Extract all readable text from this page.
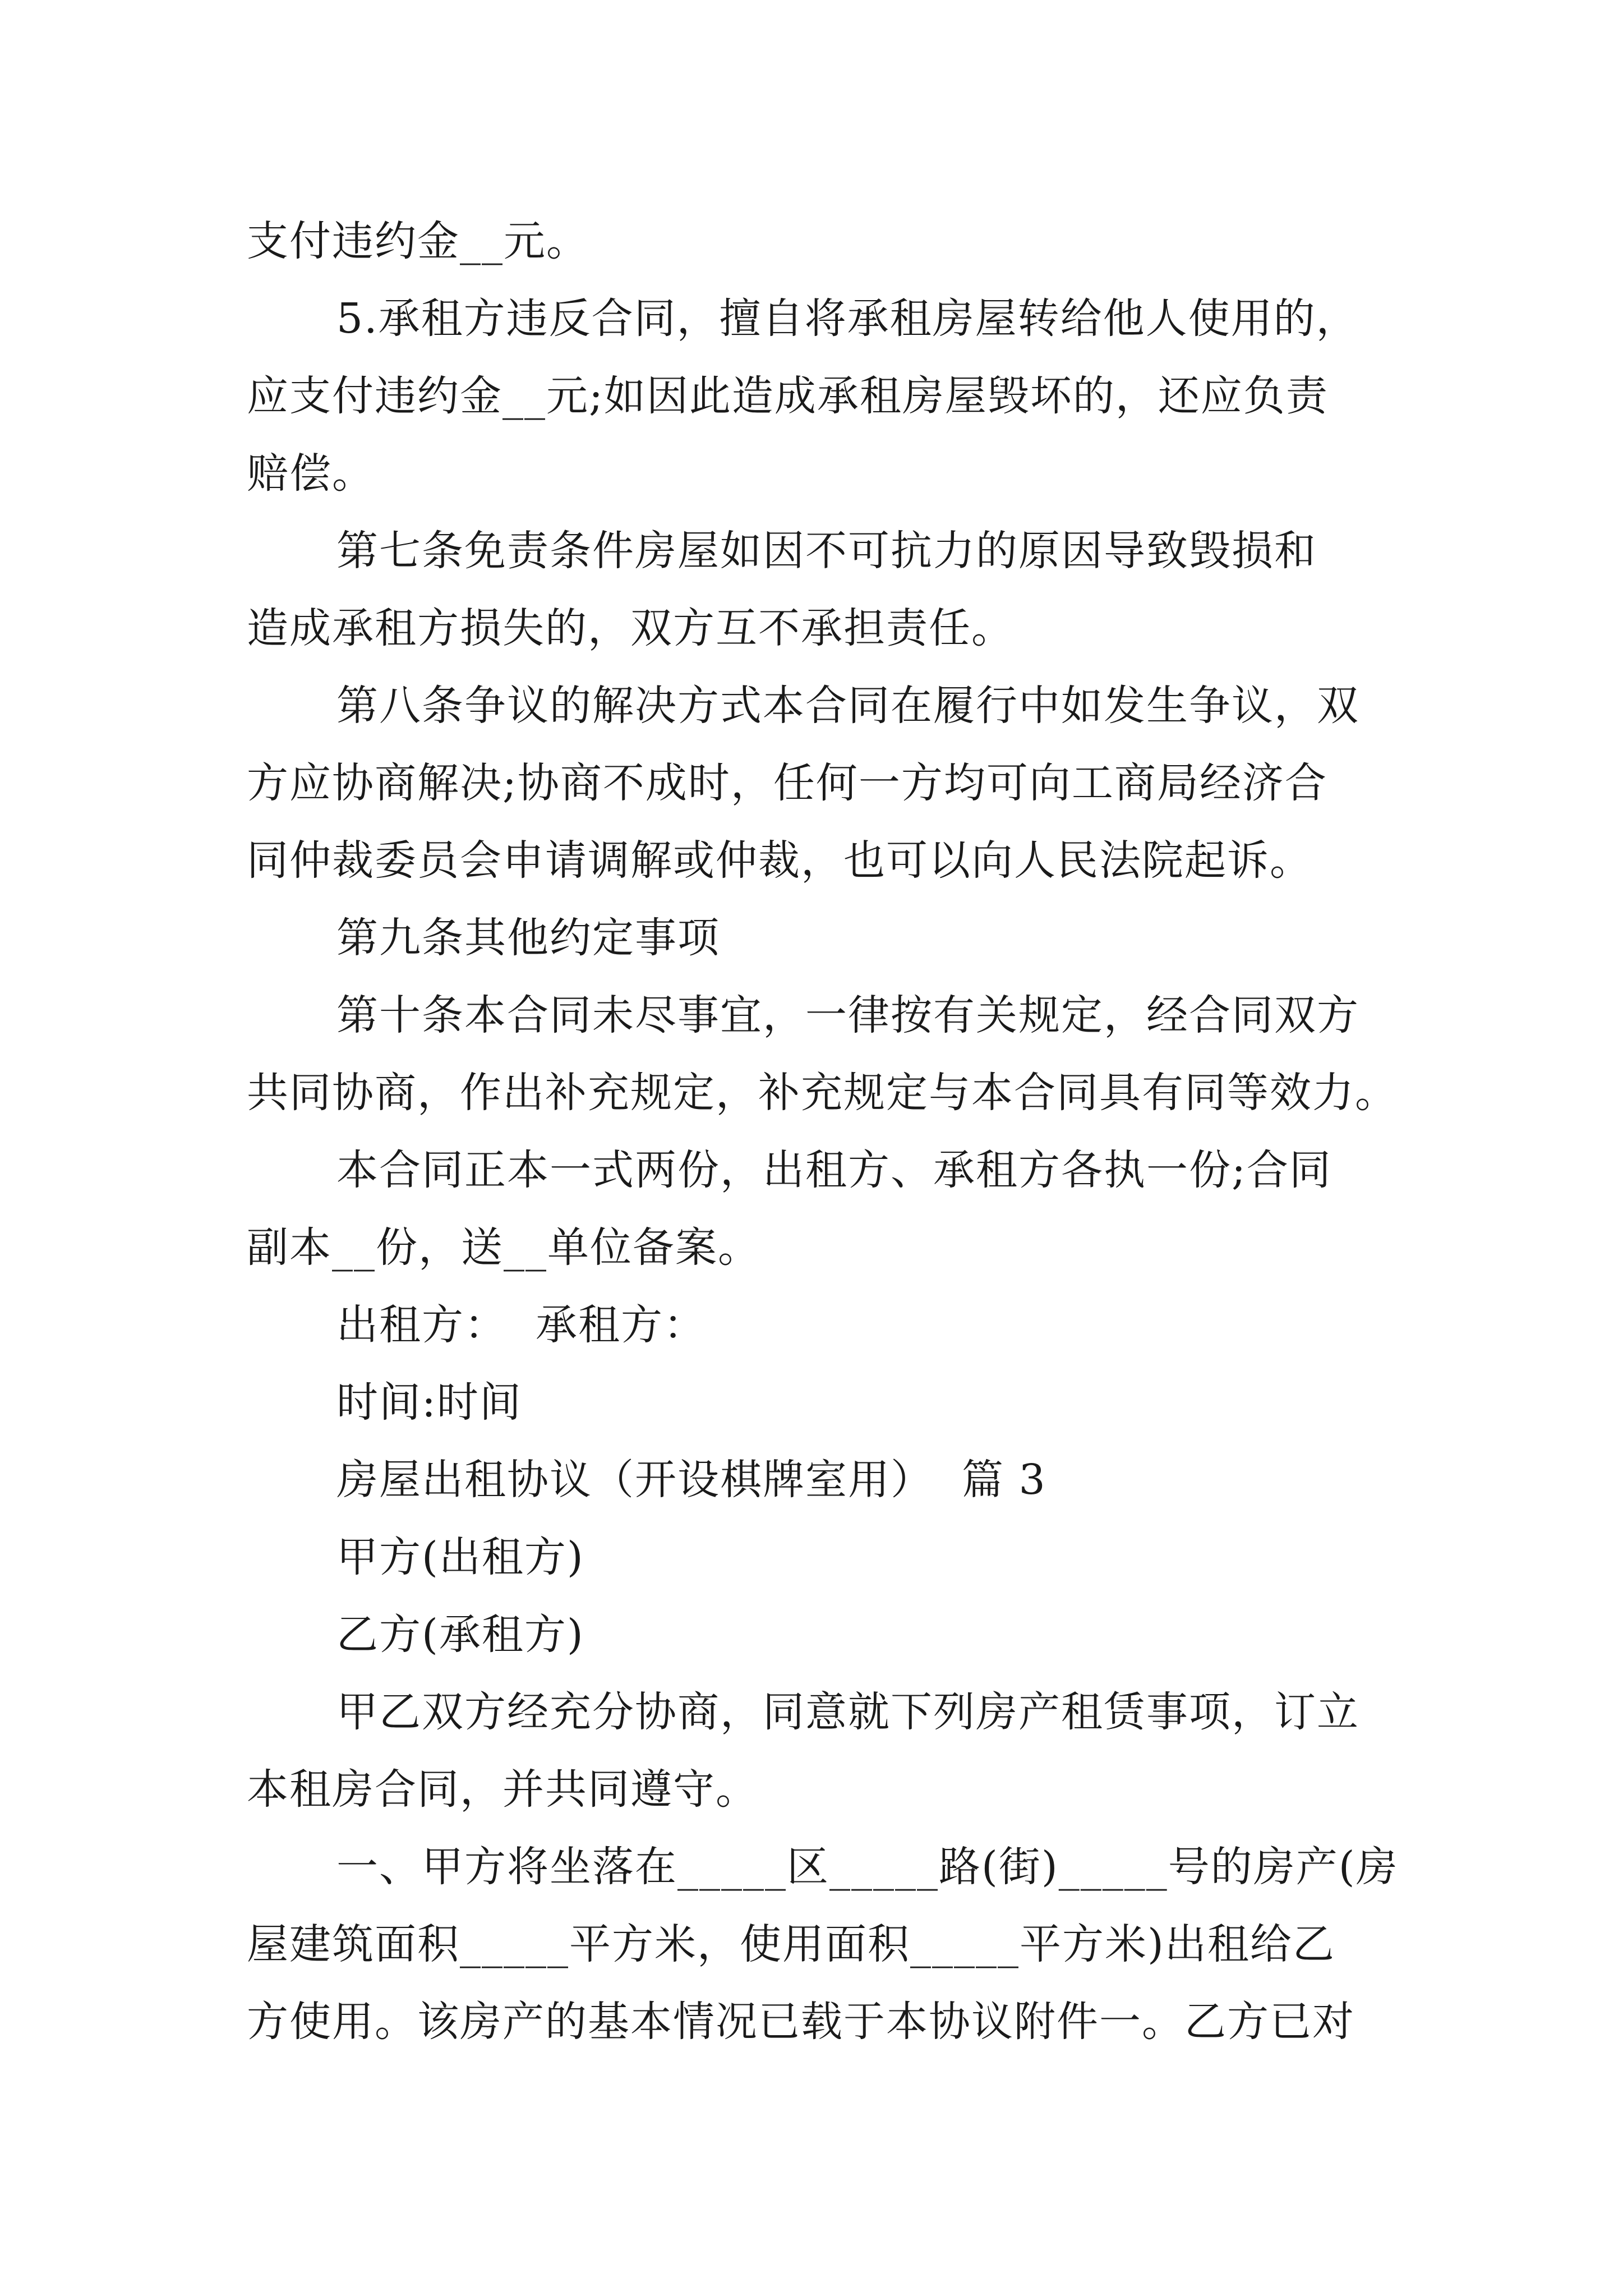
支付违约金__元。
5.承租方违反合同，擅自将承租房屋转给他人使用的，
应支付违约金__元;如因此造成承租房屋毁坏的，还应负责
赔偿。
第七条免责条件房屋如因不可抗力的原因导致毁损和
造成承租方损失的，双方互不承担责任。
第八条争议的解决方式本合同在履行中如发生争议，双
方应协商解决;协商不成时，任何一方均可向工商局经济合
同仲裁委员会申请调解或仲裁，也可以向人民法院起诉。
第九条其他约定事项
第十条本合同未尽事宜，一律按有关规定，经合同双方
共同协商，作出补充规定，补充规定与本合同具有同等效力。
本合同正本一式两份，出租方、承租方各执一份;合同
副本__份，送__单位备案。
出租方：  承租方：
时间:时间
房屋出租协议（开设棋牌室用）  篇 3
甲方(出租方)
乙方(承租方)
甲乙双方经充分协商，同意就下列房产租赁事项，订立
本租房合同，并共同遵守。
一、甲方将坐落在_____区_____路(街)_____号的房产(房
屋建筑面积_____平方米，使用面积_____平方米)出租给乙
方使用。该房产的基本情况已载于本协议附件一。乙方已对
